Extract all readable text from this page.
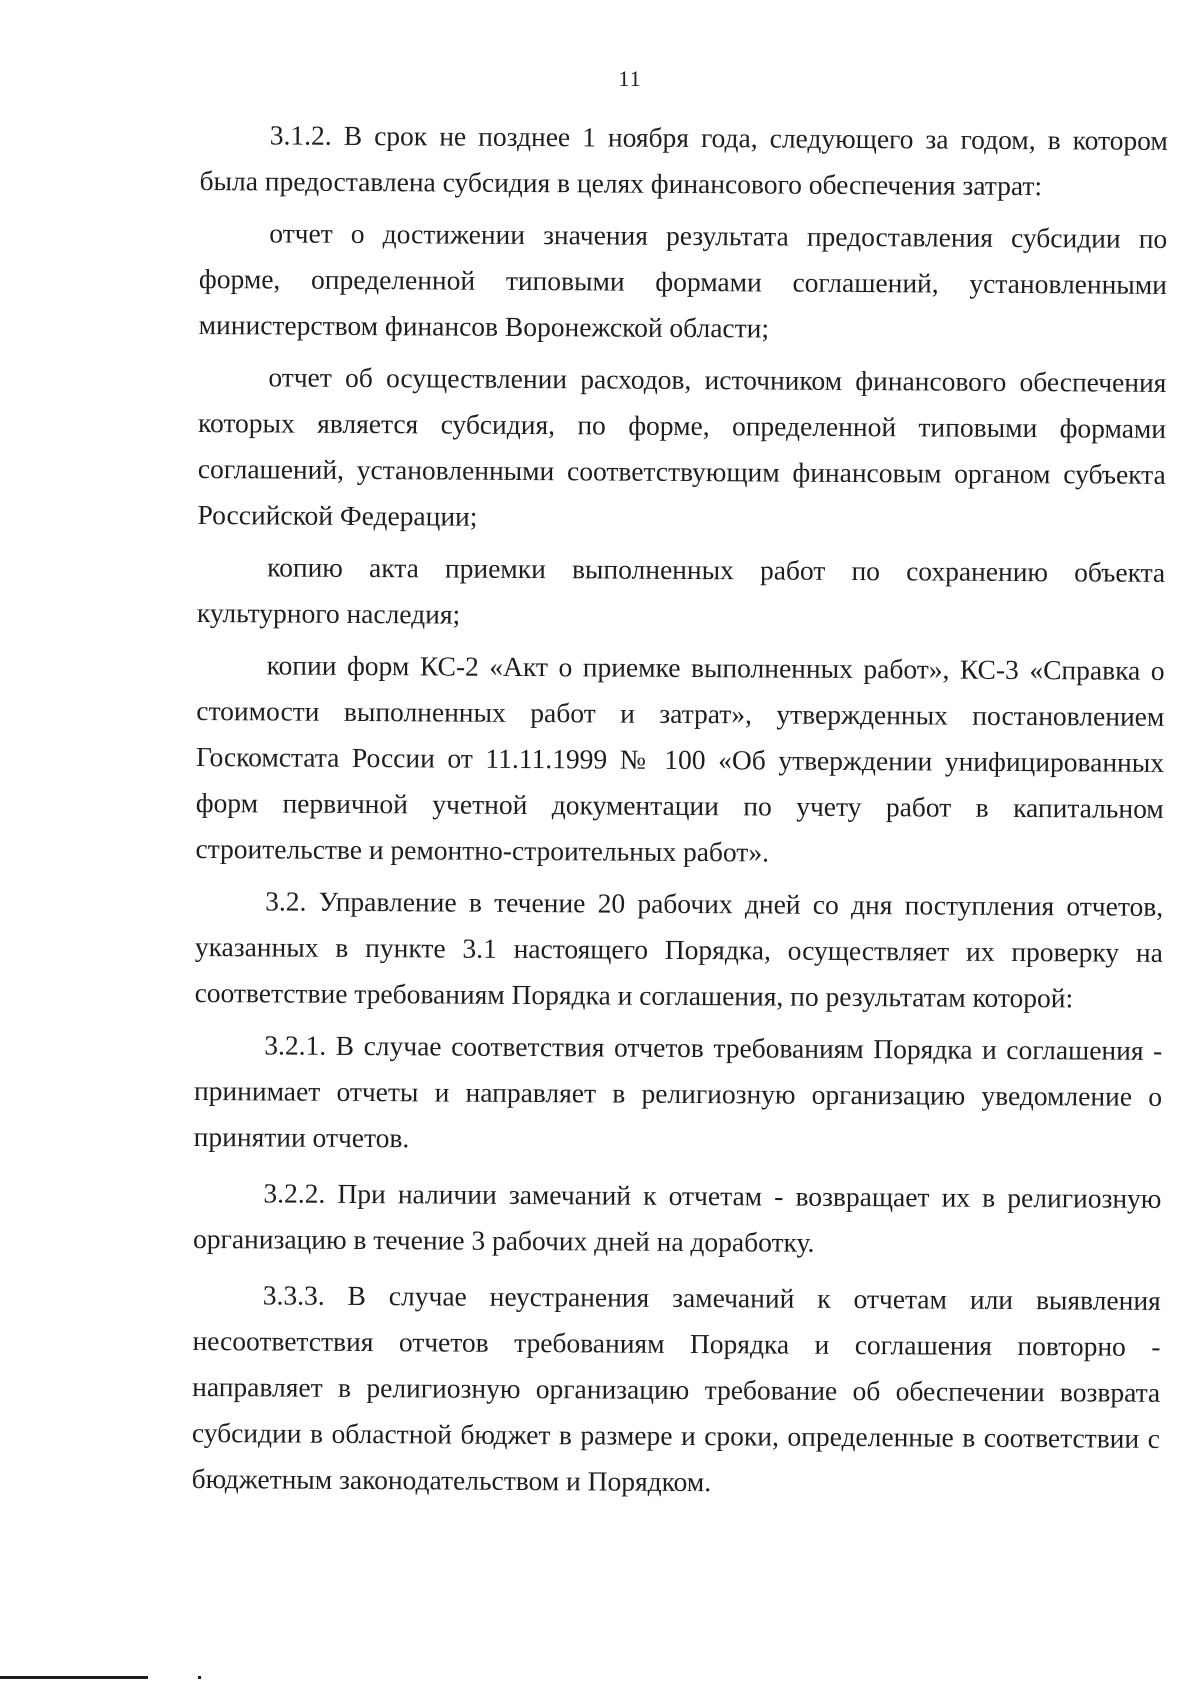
11

3.1.2. В срок не позднее 1 ноября года, следующего за годом, в котором была предоставлена субсидия в целях финансового обеспечения затрат:

отчет о достижении значения результата предоставления субсидии по форме, определенной типовыми формами соглашений, установленными министерством финансов Воронежской области;

отчет об осуществлении расходов, источником финансового обеспечения которых является субсидия, по форме, определенной типовыми формами соглашений, установленными соответствующим финансовым органом субъекта Российской Федерации;

копию акта приемки выполненных работ по сохранению объекта культурного наследия;

копии форм КС-2 «Акт о приемке выполненных работ», КС-3 «Справка о стоимости выполненных работ и затрат», утвержденных постановлением Госкомстата России от 11.11.1999 № 100 «Об утверждении унифицированных форм первичной учетной документации по учету работ в капитальном строительстве и ремонтно-строительных работ».

3.2. Управление в течение 20 рабочих дней со дня поступления отчетов, указанных в пункте 3.1 настоящего Порядка, осуществляет их проверку на соответствие требованиям Порядка и соглашения, по результатам которой:

3.2.1. В случае соответствия отчетов требованиям Порядка и соглашения - принимает отчеты и направляет в религиозную организацию уведомление о принятии отчетов.

3.2.2. При наличии замечаний к отчетам - возвращает их в религиозную организацию в течение 3 рабочих дней на доработку.

3.3.3. В случае неустранения замечаний к отчетам или выявления несоответствия отчетов требованиям Порядка и соглашения повторно - направляет в религиозную организацию требование об обеспечении возврата субсидии в областной бюджет в размере и сроки, определенные в соответствии с бюджетным законодательством и Порядком.
